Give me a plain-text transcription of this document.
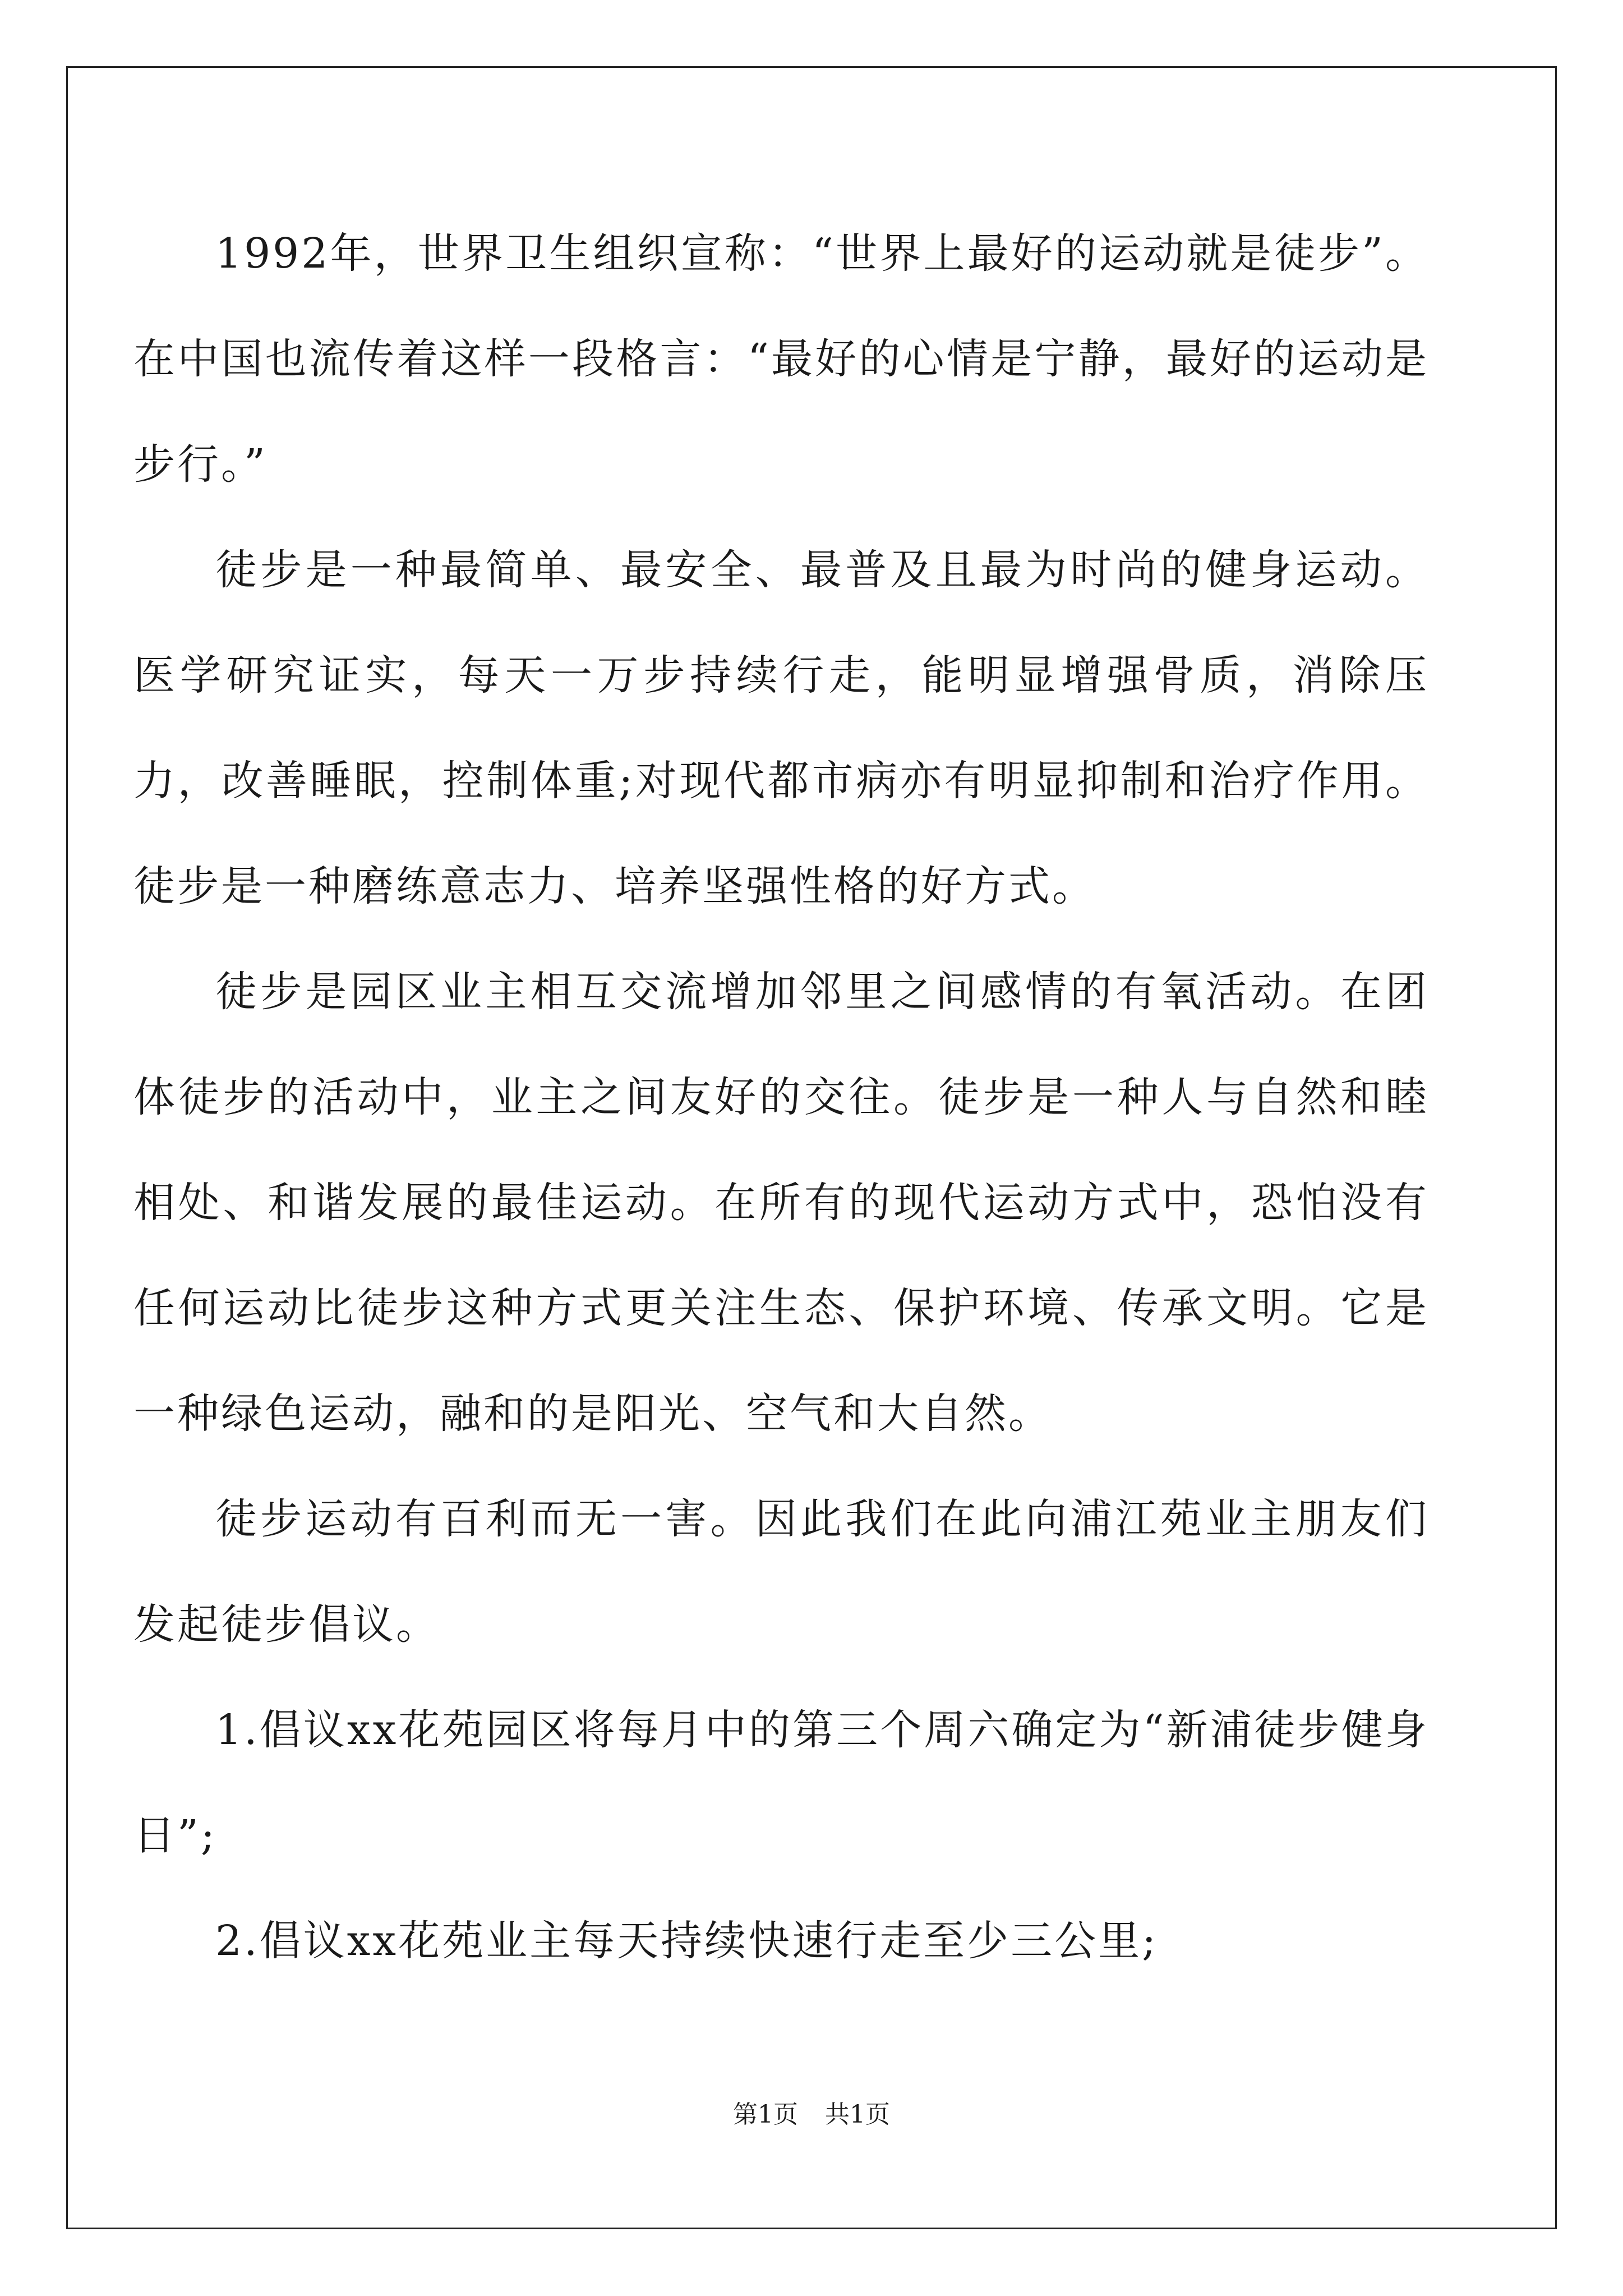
1992年，世界卫生组织宣称：“世界上最好的运动就是徒步”。在中国也流传着这样一段格言：“最好的心情是宁静，最好的运动是步行。”

徒步是一种最简单、最安全、最普及且最为时尚的健身运动。医学研究证实，每天一万步持续行走，能明显增强骨质，消除压力，改善睡眠，控制体重;对现代都市病亦有明显抑制和治疗作用。徒步是一种磨练意志力、培养坚强性格的好方式。

徒步是园区业主相互交流增加邻里之间感情的有氧活动。在团体徒步的活动中，业主之间友好的交往。徒步是一种人与自然和睦相处、和谐发展的最佳运动。在所有的现代运动方式中，恐怕没有任何运动比徒步这种方式更关注生态、保护环境、传承文明。它是一种绿色运动，融和的是阳光、空气和大自然。

徒步运动有百利而无一害。因此我们在此向浦江苑业主朋友们发起徒步倡议。

1.倡议xx花苑园区将每月中的第三个周六确定为“新浦徒步健身日”;

2.倡议xx花苑业主每天持续快速行走至少三公里;

第1页 共1页
